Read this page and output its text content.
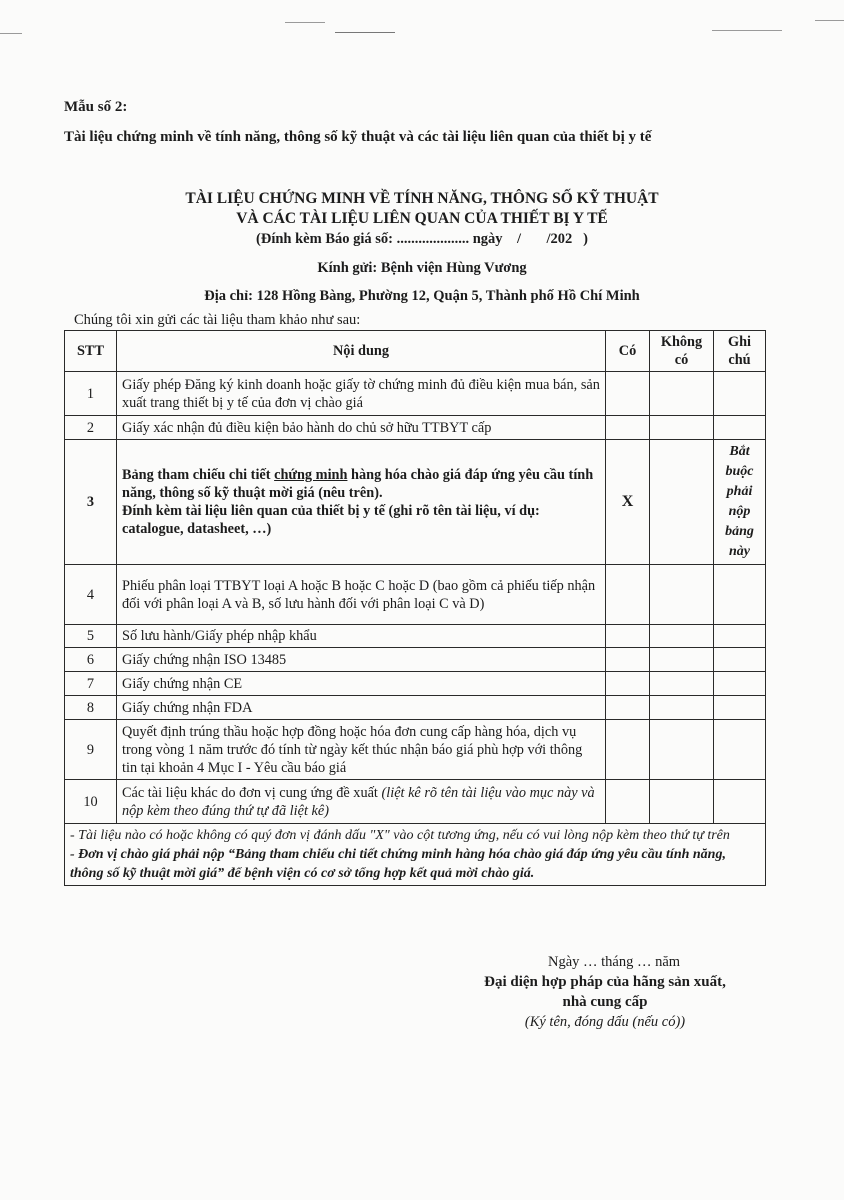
Mẫu số 2:
Tài liệu chứng minh về tính năng, thông số kỹ thuật và các tài liệu liên quan của thiết bị y tế
TÀI LIỆU CHỨNG MINH VỀ TÍNH NĂNG, THÔNG SỐ KỸ THUẬT
VÀ CÁC TÀI LIỆU LIÊN QUAN CỦA THIẾT BỊ Y TẾ
(Đính kèm Báo giá số: .................... ngày    /       /202   )
Kính gửi: Bệnh viện Hùng Vương
Địa chỉ: 128 Hồng Bàng, Phường 12, Quận 5, Thành phố Hồ Chí Minh
Chúng tôi xin gửi các tài liệu tham khảo như sau:
STT	Nội dung	Có	Không có	Ghi chú
1	Giấy phép Đăng ký kinh doanh hoặc giấy tờ chứng minh đủ điều kiện mua bán, sản xuất trang thiết bị y tế của đơn vị chào giá			
2	Giấy xác nhận đủ điều kiện bảo hành do chủ sở hữu TTBYT cấp			
3	Bảng tham chiếu chi tiết chứng minh hàng hóa chào giá đáp ứng yêu cầu tính năng, thông số kỹ thuật mời giá (nêu trên).
Đính kèm tài liệu liên quan của thiết bị y tế (ghi rõ tên tài liệu, ví dụ: catalogue, datasheet, …)	X		Bắt buộc phải nộp bảng này
4	Phiếu phân loại TTBYT loại A hoặc B hoặc C hoặc D (bao gồm cả phiếu tiếp nhận đối với phân loại A và B, số lưu hành đối với phân loại C và D)			
5	Số lưu hành/Giấy phép nhập khẩu			
6	Giấy chứng nhận ISO 13485			
7	Giấy chứng nhận CE			
8	Giấy chứng nhận FDA			
9	Quyết định trúng thầu hoặc hợp đồng hoặc hóa đơn cung cấp hàng hóa, dịch vụ trong vòng 1 năm trước đó tính từ ngày kết thúc nhận báo giá phù hợp với thông tin tại khoản 4 Mục I - Yêu cầu báo giá			
10	Các tài liệu khác do đơn vị cung ứng đề xuất (liệt kê rõ tên tài liệu vào mục này và nộp kèm theo đúng thứ tự đã liệt kê)			

- Tài liệu nào có hoặc không có quý đơn vị đánh dấu "X" vào cột tương ứng, nếu có vui lòng nộp kèm theo thứ tự trên
- Đơn vị chào giá phải nộp “Bảng tham chiếu chi tiết chứng minh hàng hóa chào giá đáp ứng yêu cầu tính năng, thông số kỹ thuật mời giá” để bệnh viện có cơ sở tổng hợp kết quả mời chào giá.				
Ngày … tháng … năm
Đại diện hợp pháp của hãng sản xuất,
nhà cung cấp
(Ký tên, đóng dấu (nếu có))
